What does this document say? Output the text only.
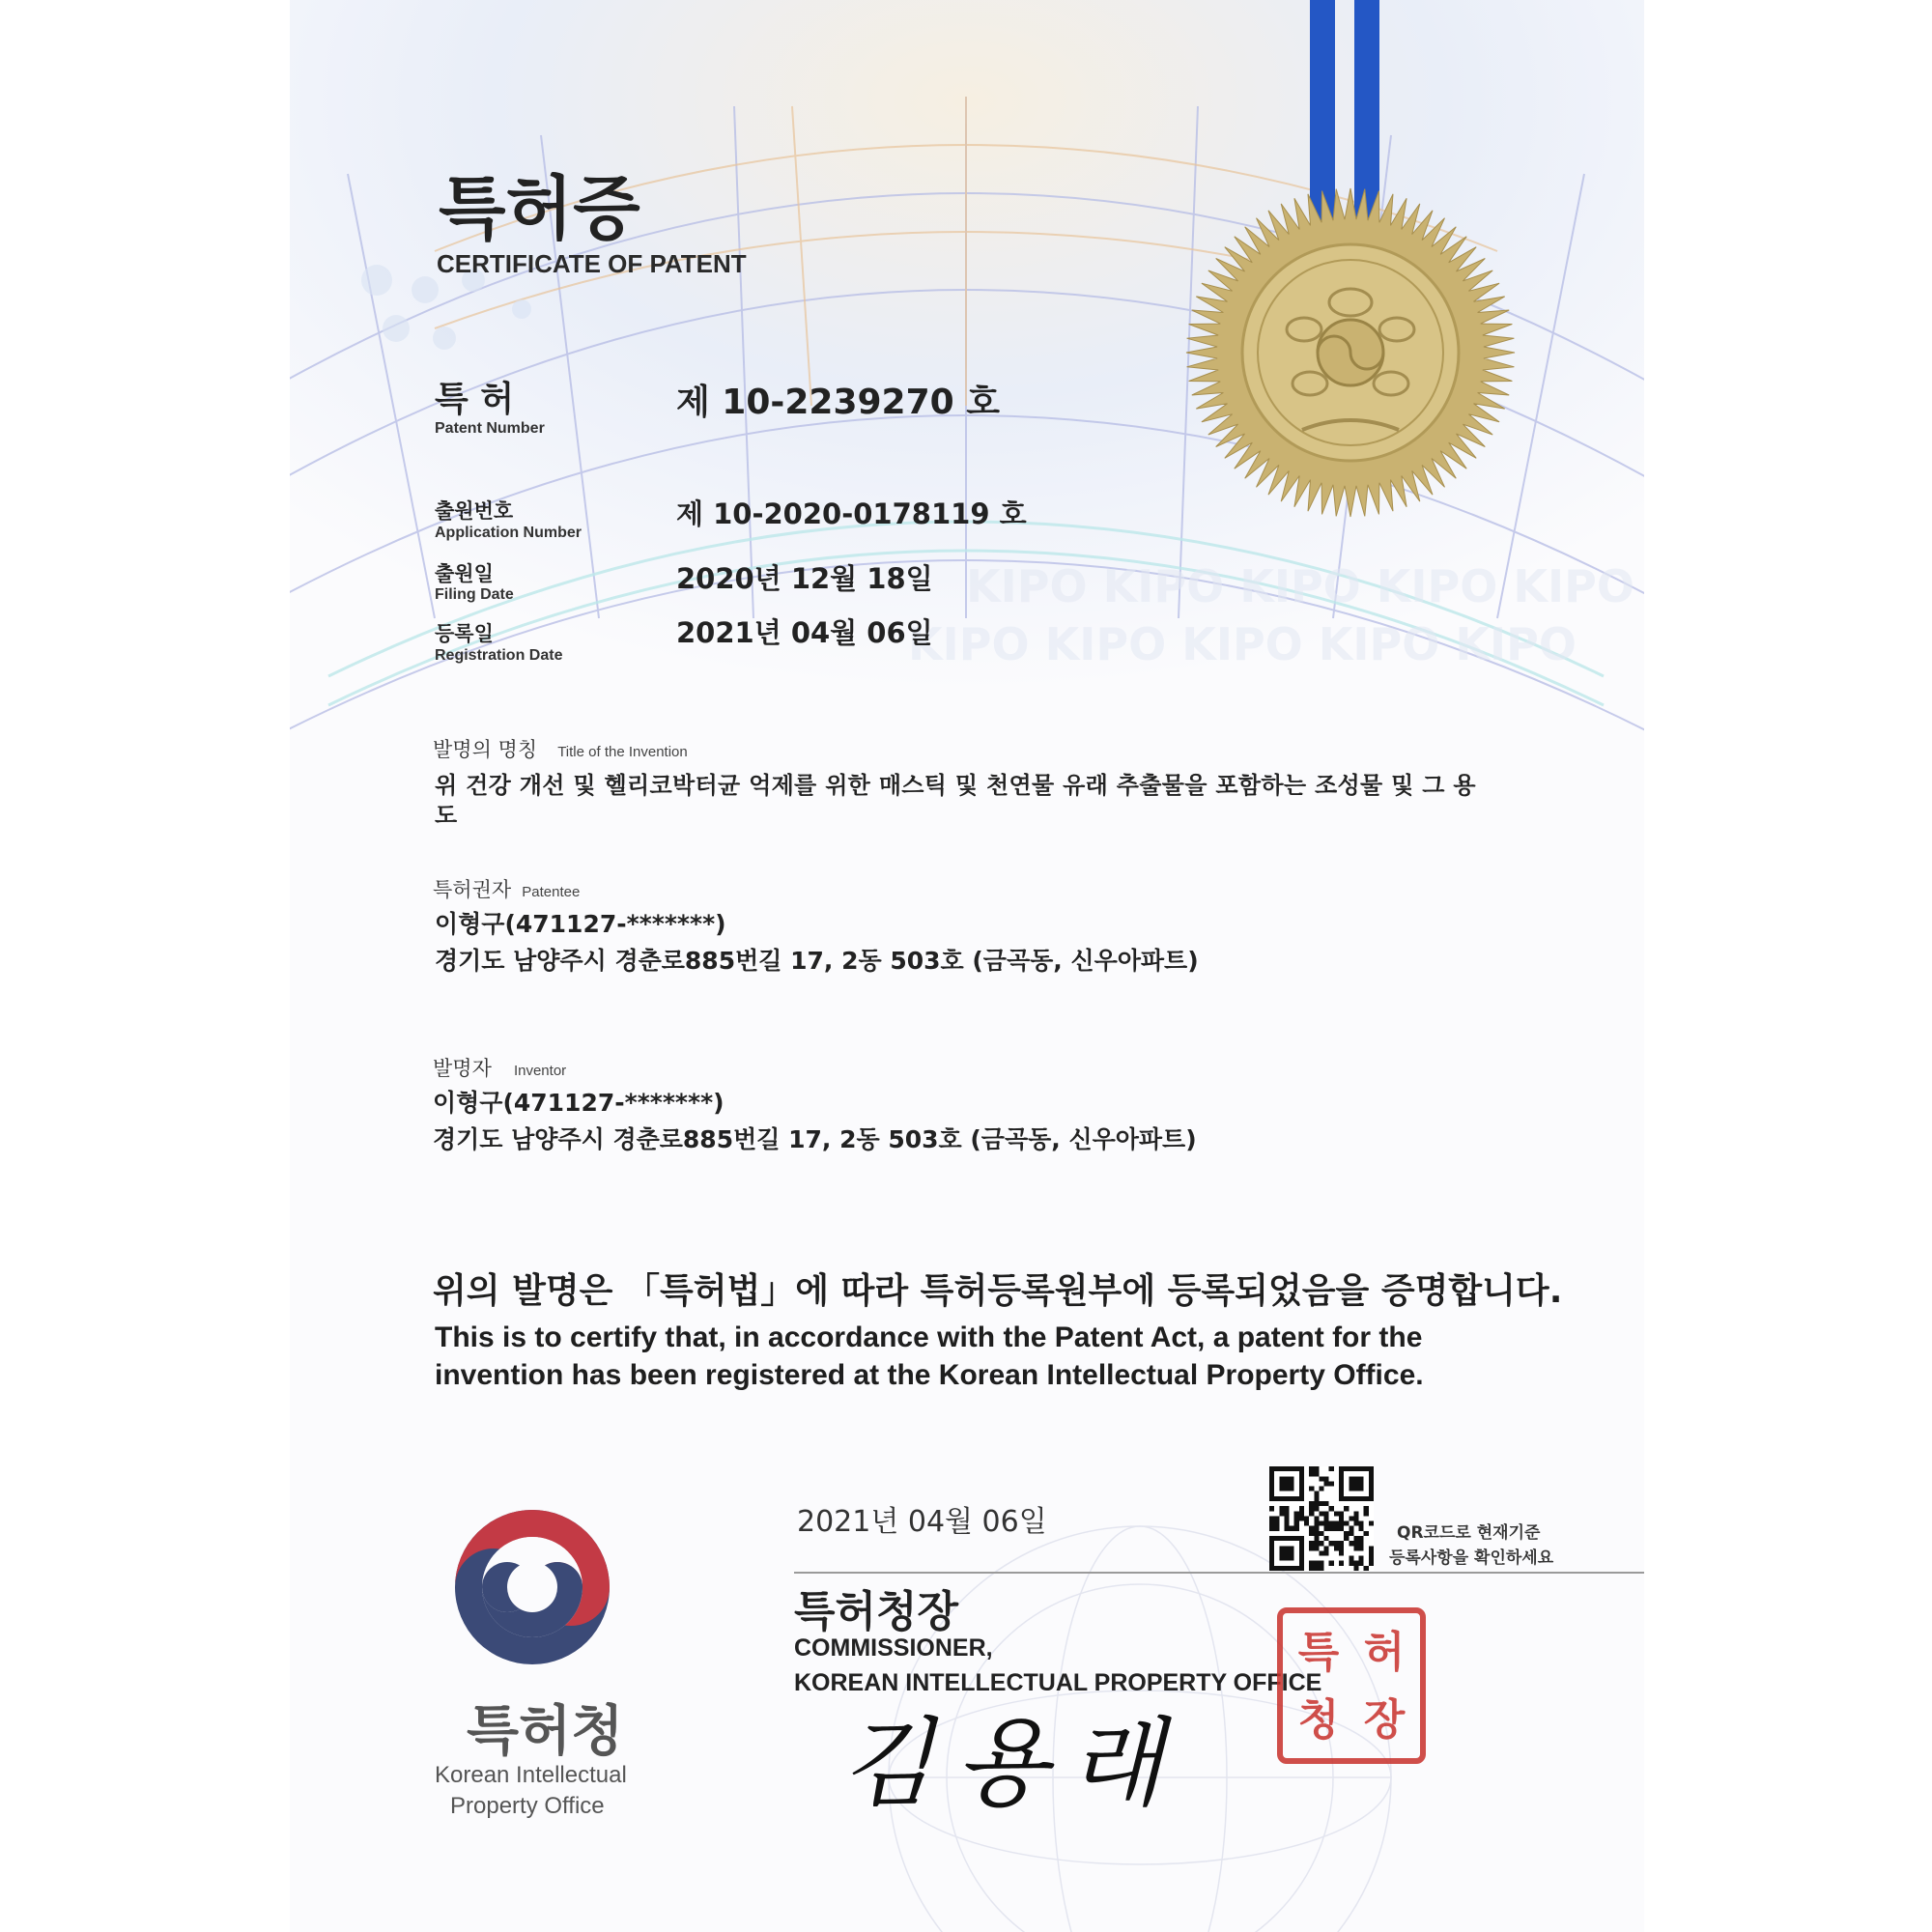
KIPO KIPO KIPO KIPO KIPO
KIPO KIPO KIPO KIPO KIPO
특허증
CERTIFICATE OF PATENT
특 허
Patent Number
제 10-2239270 호
출원번호
Application Number
제 10-2020-0178119 호
출원일
Filing Date	2020년 12월 18일
등록일
Registration Date
2021년 04월 06일
발명의 명칭 Title of the Invention
위 건강 개선 및 헬리코박터균 억제를 위한 매스틱 및 천연물 유래 추출물을 포함하는 조성물 및 그 용
도
특허권자 Patentee
이형구(471127-*******)
경기도 남양주시 경춘로885번길 17, 2동 503호 (금곡동, 신우아파트)
발명자 Inventor
이형구(471127-*******)
경기도 남양주시 경춘로885번길 17, 2동 503호 (금곡동, 신우아파트)
위의 발명은 「특허법」에 따라 특허등록원부에 등록되었음을 증명합니다.
This is to certify that, in accordance with the Patent Act, a patent for the
invention has been registered at the Korean Intellectual Property Office.
특허청
Korean Intellectual
Property Office
2021년 04월 06일
특허청장
COMMISSIONER,
KOREAN INTELLECTUAL PROPERTY OFFICE
김용래
QR코드로 현재기준
등록사항을 확인하세요
특 허
청 장
